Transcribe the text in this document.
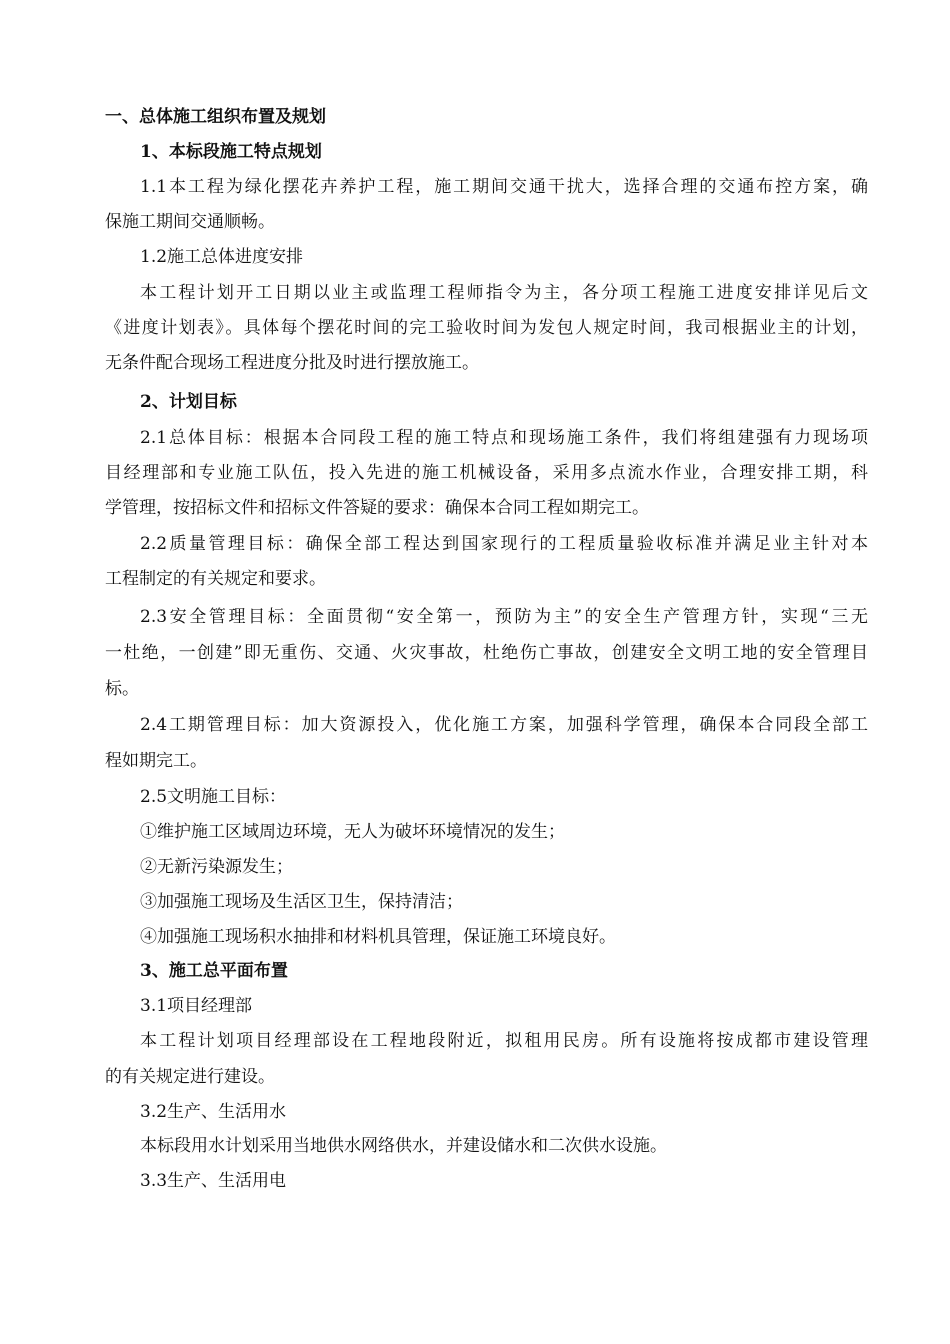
一、总体施工组织布置及规划
1、本标段施工特点规划
1.1本工程为绿化摆花卉养护工程，施工期间交通干扰大，选择合理的交通布控方案，确
保施工期间交通顺畅。
1.2施工总体进度安排
本工程计划开工日期以业主或监理工程师指令为主，各分项工程施工进度安排详见后文
《进度计划表》。具体每个摆花时间的完工验收时间为发包人规定时间，我司根据业主的计划，
无条件配合现场工程进度分批及时进行摆放施工。
2、计划目标
2.1总体目标：根据本合同段工程的施工特点和现场施工条件，我们将组建强有力现场项
目经理部和专业施工队伍，投入先进的施工机械设备，采用多点流水作业，合理安排工期，科
学管理，按招标文件和招标文件答疑的要求：确保本合同工程如期完工。
2.2质量管理目标：确保全部工程达到国家现行的工程质量验收标准并满足业主针对本
工程制定的有关规定和要求。
2.3安全管理目标：全面贯彻“安全第一，预防为主”的安全生产管理方针，实现“三无
一杜绝，一创建”即无重伤、交通、火灾事故，杜绝伤亡事故，创建安全文明工地的安全管理目
标。
2.4工期管理目标：加大资源投入，优化施工方案，加强科学管理，确保本合同段全部工
程如期完工。
2.5文明施工目标：
①维护施工区域周边环境，无人为破坏环境情况的发生；
②无新污染源发生；
③加强施工现场及生活区卫生，保持清洁；
④加强施工现场积水抽排和材料机具管理，保证施工环境良好。
3、施工总平面布置
3.1项目经理部
本工程计划项目经理部设在工程地段附近，拟租用民房。所有设施将按成都市建设管理
的有关规定进行建设。
3.2生产、生活用水
本标段用水计划采用当地供水网络供水，并建设储水和二次供水设施。
3.3生产、生活用电
